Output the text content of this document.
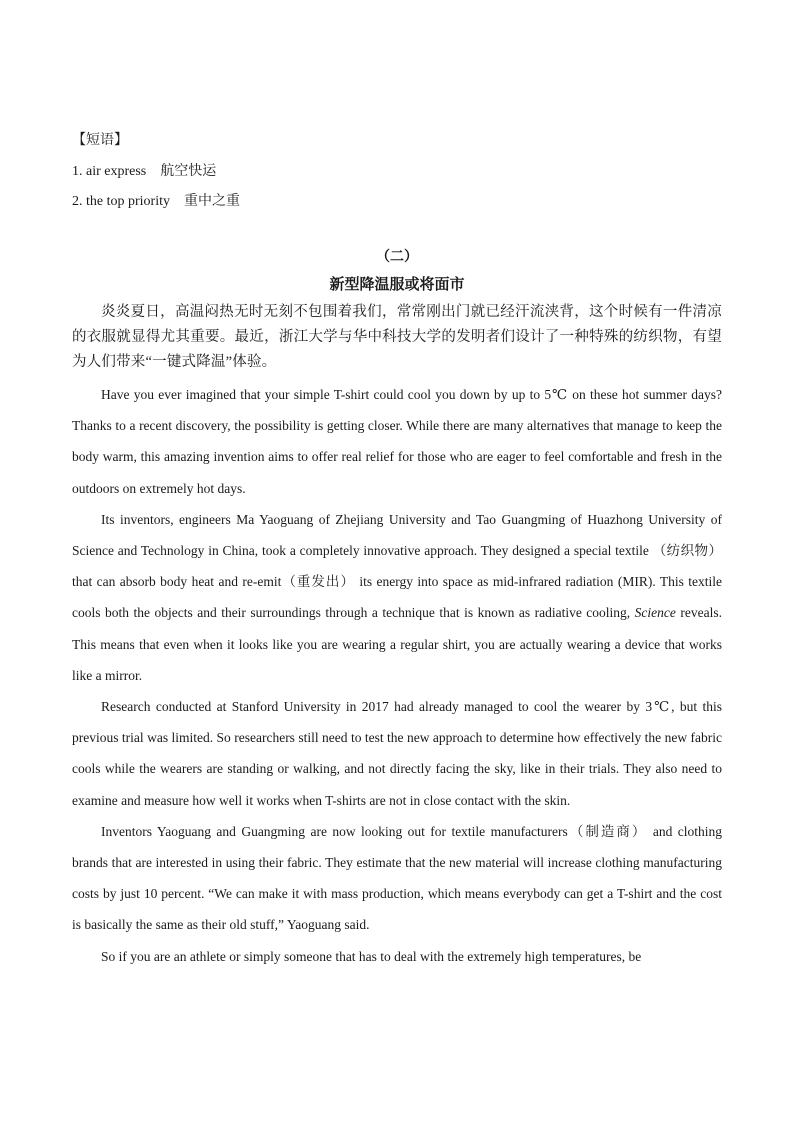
【短语】
1. air express 航空快运
2. the top priority 重中之重
（二）
新型降温服或将面市

炎炎夏日，高温闷热无时无刻不包围着我们，常常刚出门就已经汗流浃背，这个时候有一件清凉的衣服就显得尤其重要。最近，浙江大学与华中科技大学的发明者们设计了一种特殊的纺织物，有望为人们带来“一键式降温”体验。

Have you ever imagined that your simple T-shirt could cool you down by up to 5℃ on these hot summer days? Thanks to a recent discovery, the possibility is getting closer. While there are many alternatives that manage to keep the body warm, this amazing invention aims to offer real relief for those who are eager to feel comfortable and fresh in the outdoors on extremely hot days.

Its inventors, engineers Ma Yaoguang of Zhejiang University and Tao Guangming of Huazhong University of Science and Technology in China, took a completely innovative approach. They designed a special textile （纺织物） that can absorb body heat and re-emit（重发出） its energy into space as mid-infrared radiation (MIR). This textile cools both the objects and their surroundings through a technique that is known as radiative cooling, Science reveals. This means that even when it looks like you are wearing a regular shirt, you are actually wearing a device that works like a mirror.

Research conducted at Stanford University in 2017 had already managed to cool the wearer by 3℃, but this previous trial was limited. So researchers still need to test the new approach to determine how effectively the new fabric cools while the wearers are standing or walking, and not directly facing the sky, like in their trials. They also need to examine and measure how well it works when T-shirts are not in close contact with the skin.

Inventors Yaoguang and Guangming are now looking out for textile manufacturers（制造商） and clothing brands that are interested in using their fabric. They estimate that the new material will increase clothing manufacturing costs by just 10 percent. “We can make it with mass production, which means everybody can get a T-shirt and the cost is basically the same as their old stuff,” Yaoguang said.

So if you are an athlete or simply someone that has to deal with the extremely high temperatures, be
